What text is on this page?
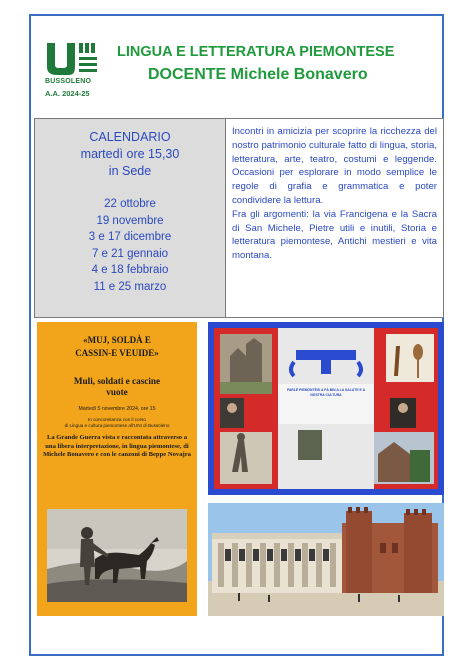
BUSSOLENO
A.A. 2024-25
LINGUA E LETTERATURA PIEMONTESE
DOCENTE Michele Bonavero
CALENDARIO
martedì ore 15,30
in Sede
22 ottobre
19 novembre
3 e 17 dicembre
7 e 21 gennaio
4 e 18 febbraio
11 e 25 marzo

Incontri in amicizia per scoprire la ricchezza del nostro patrimonio culturale fatto di lingua, storia, letteratura, arte, teatro, costumi e leggende. Occasioni per esplorare in modo semplice le regole di grafia e grammatica e poter condividere la lettura.

Fra gli argomenti: la via Francigena e la Sacra di San Michele, Pietre utili e inutili, Storia e letteratura piemontese, Antichi mestieri e vita montana.

«MUJ, SOLDÀ E
CASSIN-E VEUIDE»
Muli, soldati e cascine
vuote
Martedì 5 novembre 2024, ore 15
In concomitanza con il corso
di Lingua e cultura piemontese all'UNI di Bussoleno
La Grande Guerra vista e raccontata attraverso a una libera interpretazione, in lingua piemontese, di Michele Bonavero e con le canzoni di Beppe Novajra
PARLÉ PIEMONTÈIS A PÀ BIN A LA SALUTE E A NÒSTRA CULTURA
